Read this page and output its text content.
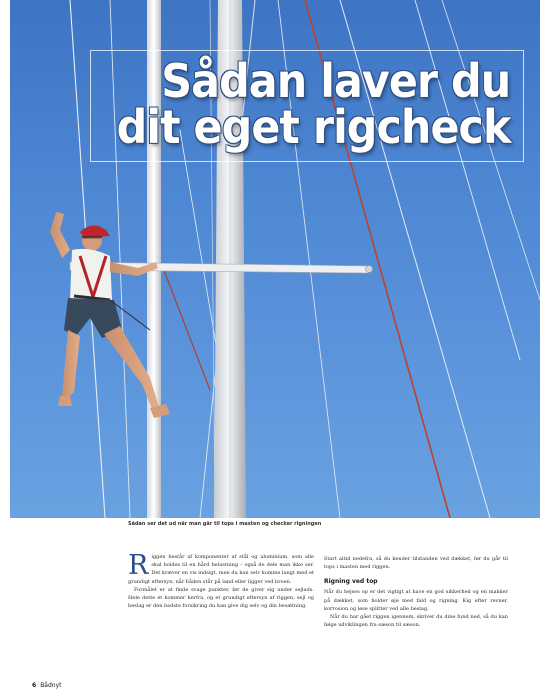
Sådan laver du
dit eget rigcheck
Sådan ser det ud når man går til tops i masten og checker rigningen

Riggen består af komponenter af stål og aluminium, som alle skal holdes til en hård belastning – også de dele man ikke ser. Det kræver en vis indsigt, men du kan selv komme langt med et grundigt eftersyn, når båden står på land eller ligger ved broen.

Formålet er at finde svage punkter, før de giver sig under sejlads. Hele dette ét kommer herfra, og et grundigt eftersyn af riggen, sejl og beslag er den bedste forsikring du kan give dig selv og din besætning.

Start altid nedefra, så du kender tilstanden ved dækket, før du går til tops i masten med riggen.

Rigning ved top

Når du hejses op er det vigtigt at have en god sikkerhed og en makker på dækket, som holder øje med fald og rigning. Kig efter revner, korrosion og løse splitter ved alle beslag.

Når du har gået riggen igennem, skriver du dine fund ned, så du kan følge udviklingen fra sæson til sæson.

6 Bådnyt
